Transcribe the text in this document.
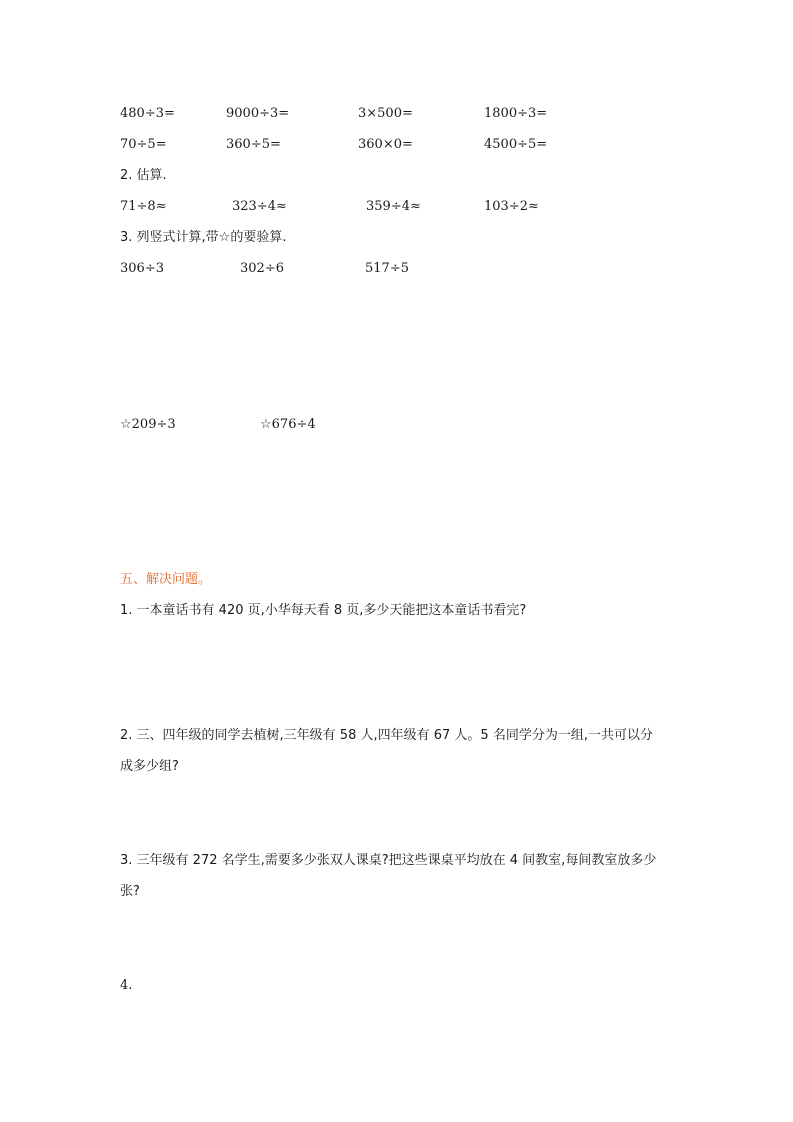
480÷3=	9000÷3=	3×500=	1800÷3=
70÷5=	360÷5=	360×0=	4500÷5=
2. 估算.
71÷8≈	323÷4≈	359÷4≈	103÷2≈
3. 列竖式计算,带☆的要验算.
306÷3	302÷6	517÷5
☆209÷3	☆676÷4
五、解决问题。
1. 一本童话书有 420 页,小华每天看 8 页,多少天能把这本童话书看完?
2. 三、四年级的同学去植树,三年级有 58 人,四年级有 67 人。5 名同学分为一组,一共可以分
成多少组?
3. 三年级有 272 名学生,需要多少张双人课桌?把这些课桌平均放在 4 间教室,每间教室放多少
张?
4.
